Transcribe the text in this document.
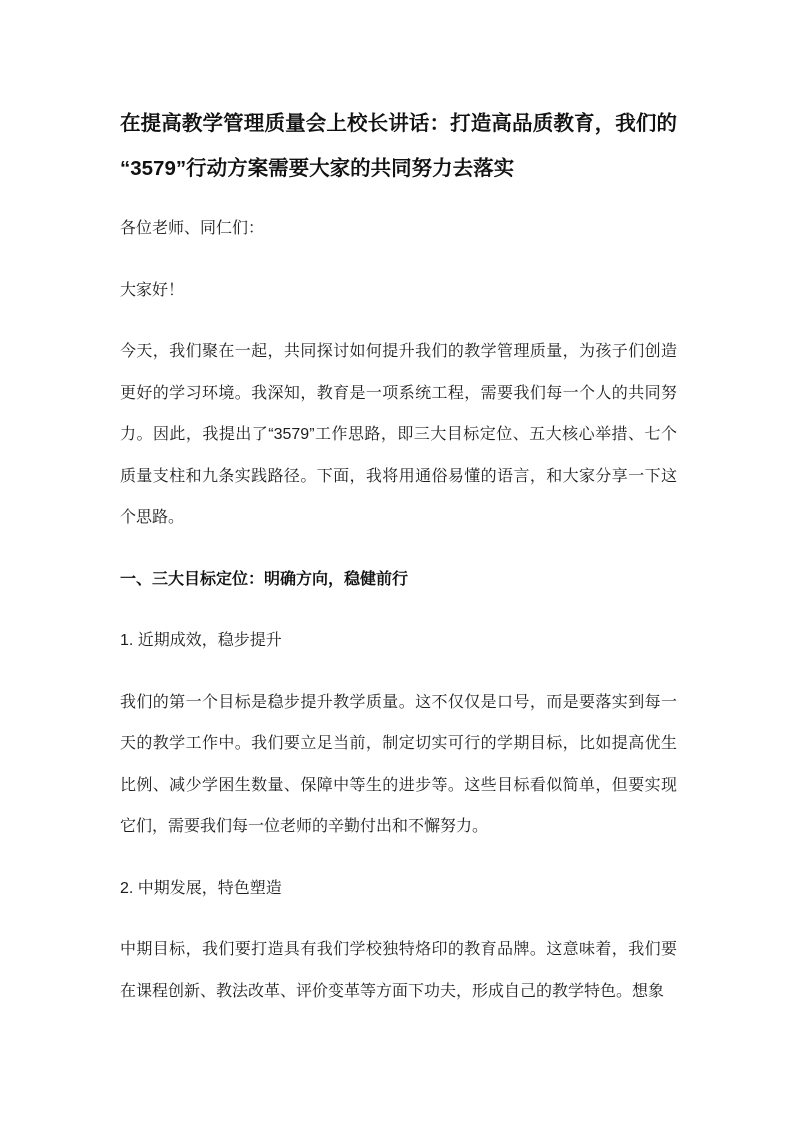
在提高教学管理质量会上校长讲话：打造高品质教育，我们的“3579”行动方案需要大家的共同努力去落实

各位老师、同仁们：

大家好！

今天，我们聚在一起，共同探讨如何提升我们的教学管理质量，为孩子们创造更好的学习环境。我深知，教育是一项系统工程，需要我们每一个人的共同努力。因此，我提出了“3579”工作思路，即三大目标定位、五大核心举措、七个质量支柱和九条实践路径。下面，我将用通俗易懂的语言，和大家分享一下这个思路。

一、三大目标定位：明确方向，稳健前行

1. 近期成效，稳步提升

我们的第一个目标是稳步提升教学质量。这不仅仅是口号，而是要落实到每一天的教学工作中。我们要立足当前，制定切实可行的学期目标，比如提高优生比例、减少学困生数量、保障中等生的进步等。这些目标看似简单，但要实现它们，需要我们每一位老师的辛勤付出和不懈努力。

2. 中期发展，特色塑造

中期目标，我们要打造具有我们学校独特烙印的教育品牌。这意味着，我们要在课程创新、教法改革、评价变革等方面下功夫，形成自己的教学特色。想象
